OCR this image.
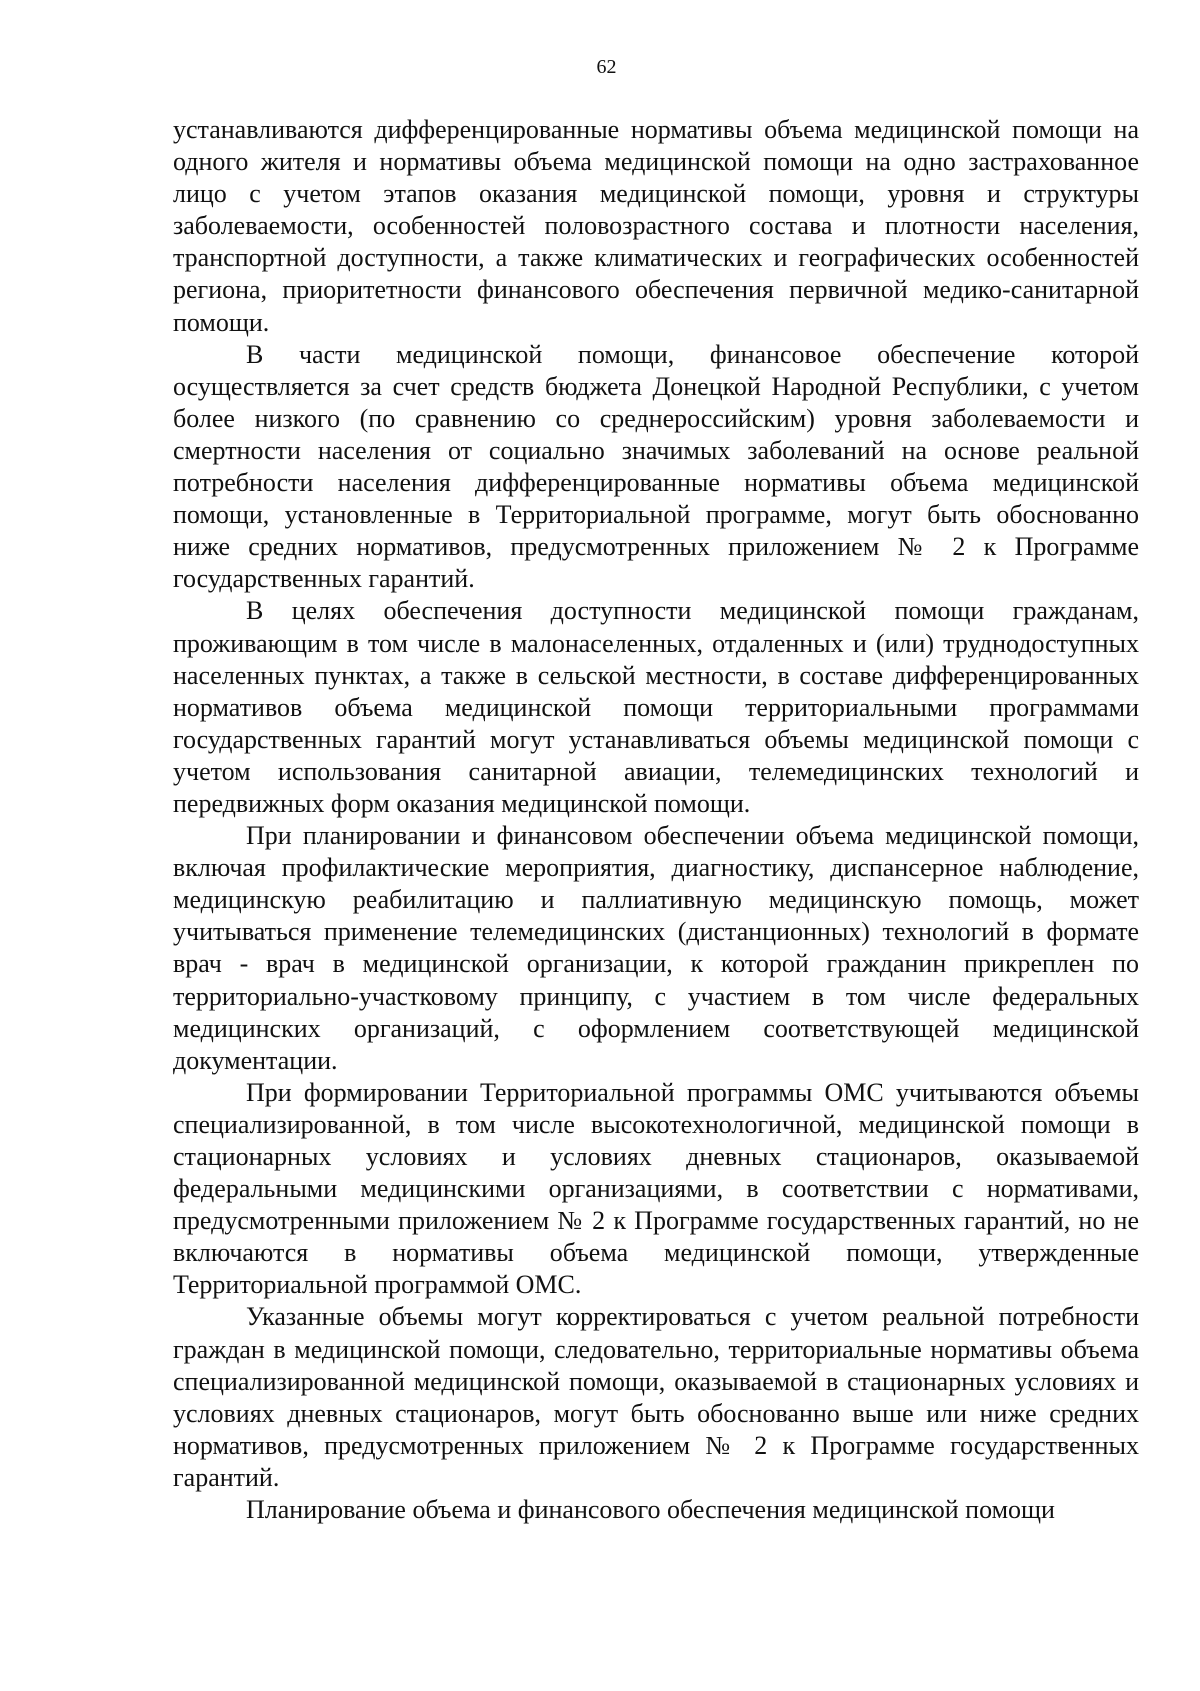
62

устанавливаются дифференцированные нормативы объема медицинской помощи на одного жителя и нормативы объема медицинской помощи на одно застрахованное лицо с учетом этапов оказания медицинской помощи, уровня и структуры заболеваемости, особенностей половозрастного состава и плотности населения, транспортной доступности, а также климатических и географических особенностей региона, приоритетности финансового обеспечения первичной медико-санитарной помощи.

В части медицинской помощи, финансовое обеспечение которой осуществляется за счет средств бюджета Донецкой Народной Республики, с учетом более низкого (по сравнению со среднероссийским) уровня заболеваемости и смертности населения от социально значимых заболеваний на основе реальной потребности населения дифференцированные нормативы объема медицинской помощи, установленные в Территориальной программе, могут быть обоснованно ниже средних нормативов, предусмотренных приложением № 2 к Программе государственных гарантий.

В целях обеспечения доступности медицинской помощи гражданам, проживающим в том числе в малонаселенных, отдаленных и (или) труднодоступных населенных пунктах, а также в сельской местности, в составе дифференцированных нормативов объема медицинской помощи территориальными программами государственных гарантий могут устанавливаться объемы медицинской помощи с учетом использования санитарной авиации, телемедицинских технологий и передвижных форм оказания медицинской помощи.

При планировании и финансовом обеспечении объема медицинской помощи, включая профилактические мероприятия, диагностику, диспансерное наблюдение, медицинскую реабилитацию и паллиативную медицинскую помощь, может учитываться применение телемедицинских (дистанционных) технологий в формате врач - врач в медицинской организации, к которой гражданин прикреплен по территориально-участковому принципу, с участием в том числе федеральных медицинских организаций, с оформлением соответствующей медицинской документации.

При формировании Территориальной программы ОМС учитываются объемы специализированной, в том числе высокотехнологичной, медицинской помощи в стационарных условиях и условиях дневных стационаров, оказываемой федеральными медицинскими организациями, в соответствии с нормативами, предусмотренными приложением № 2 к Программе государственных гарантий, но не включаются в нормативы объема медицинской помощи, утвержденные Территориальной программой ОМС.

Указанные объемы могут корректироваться с учетом реальной потребности граждан в медицинской помощи, следовательно, территориальные нормативы объема специализированной медицинской помощи, оказываемой в стационарных условиях и условиях дневных стационаров, могут быть обоснованно выше или ниже средних нормативов, предусмотренных приложением № 2 к Программе государственных гарантий.

Планирование объема и финансового обеспечения медицинской помощи
